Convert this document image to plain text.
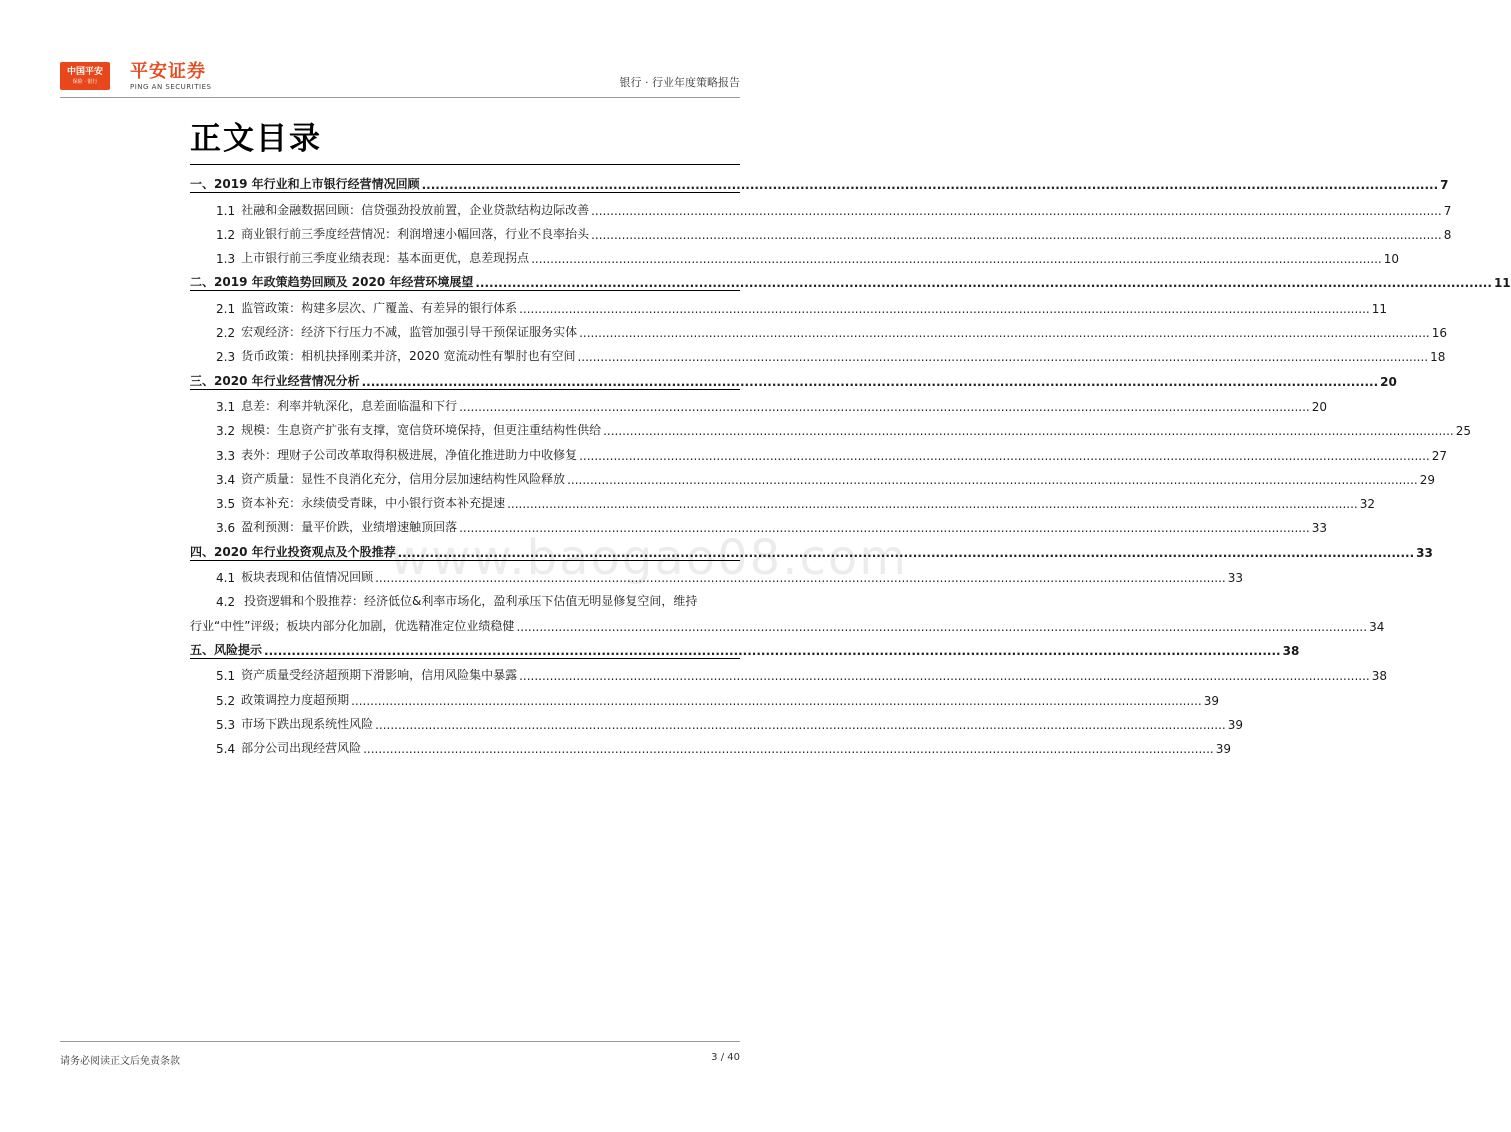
中国平安
保险 · 银行	平安证券
PING AN SECURITIES	银行 · 行业年度策略报告
正文目录
一、 2019 年行业和上市银行经营情况回顾 .....	7
1.1 社融和金融数据回顾：信贷强劲投放前置，企业贷款结构边际改善 .....	7
1.2 商业银行前三季度经营情况：利润增速小幅回落，行业不良率抬头 .....	8
1.3 上市银行前三季度业绩表现：基本面更优，息差现拐点 .....	10
二、 2019 年政策趋势回顾及 2020 年经营环境展望 .....	11
2.1 监管政策：构建多层次、广覆盖、有差异的银行体系 .....	11
2.2 宏观经济：经济下行压力不减，监管加强引导干预保证服务实体 .....	16
2.3 货币政策：相机抉择刚柔并济，2020 宽流动性有掣肘也有空间 .....	18
三、 2020 年行业经营情况分析 .....	20
3.1 息差：利率并轨深化，息差面临温和下行 .....	20
3.2 规模：生息资产扩张有支撑，宽信贷环境保持，但更注重结构性供给 .....	25
3.3 表外：理财子公司改革取得积极进展，净值化推进助力中收修复 .....	27
3.4 资产质量：显性不良消化充分，信用分层加速结构性风险释放 .....	29
3.5 资本补充：永续债受青睐，中小银行资本补充提速 .....	32
3.6 盈利预测：量平价跌，业绩增速触顶回落 .....	33
四、 2020 年行业投资观点及个股推荐 .....	33
4.1 板块表现和估值情况回顾 .....	33
4.2 投资逻辑和个股推荐：经济低位&利率市场化，盈利承压下估值无明显修复空间，维持
行业“中性”评级；板块内部分化加剧，优选精准定位业绩稳健 .....	34
五、 风险提示 .....	38
5.1 资产质量受经济超预期下滑影响，信用风险集中暴露 .....	38
5.2 政策调控力度超预期 .....	39
5.3 市场下跌出现系统性风险 .....	39
5.4 部分公司出现经营风险 .....	39
www.baogao08.com
请务必阅读正文后免责条款	3 / 40
